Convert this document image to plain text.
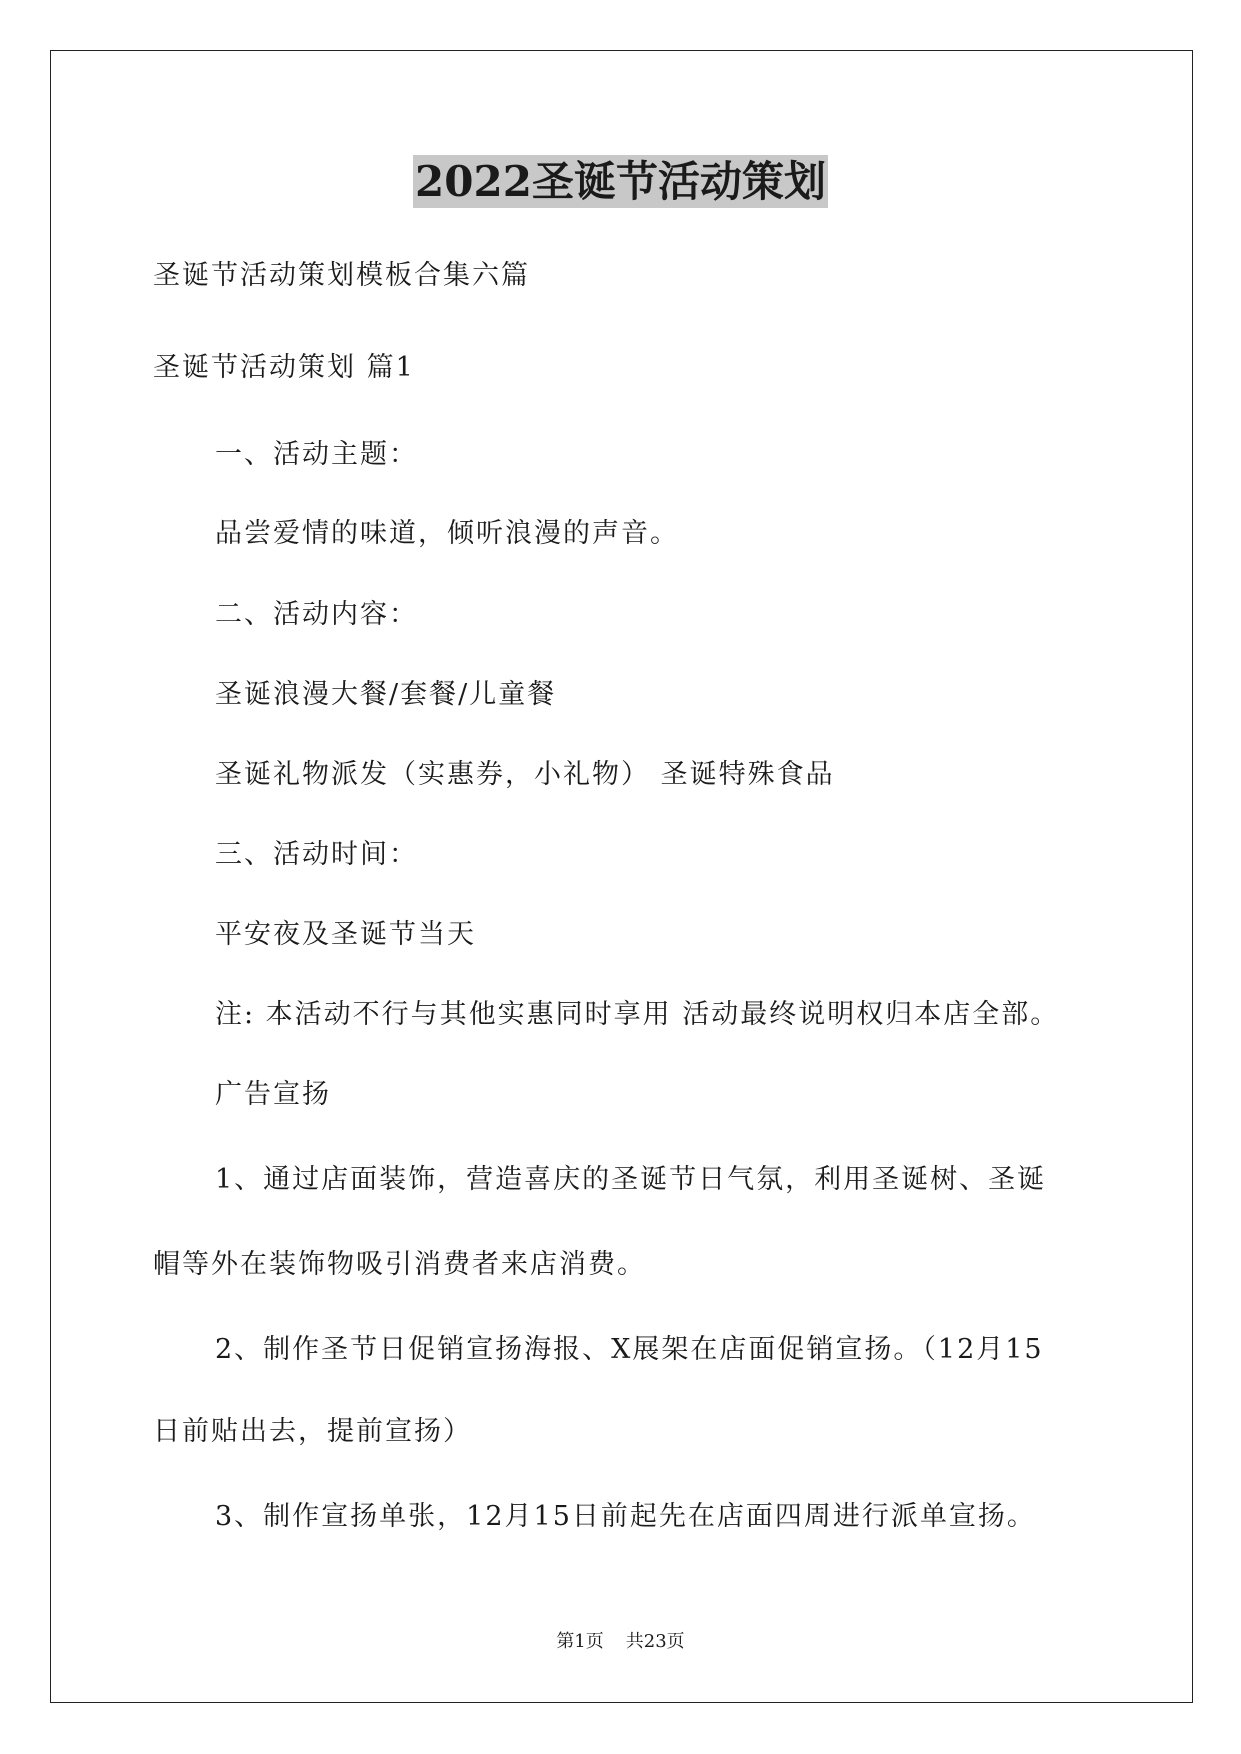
2022圣诞节活动策划

圣诞节活动策划模板合集六篇

圣诞节活动策划 篇1

一、活动主题：

品尝爱情的味道，倾听浪漫的声音。

二、活动内容：

圣诞浪漫大餐/套餐/儿童餐

圣诞礼物派发（实惠券，小礼物） 圣诞特殊食品

三、活动时间：

平安夜及圣诞节当天

注: 本活动不行与其他实惠同时享用 活动最终说明权归本店全部。

广告宣扬

1、通过店面装饰，营造喜庆的圣诞节日气氛，利用圣诞树、圣诞

帽等外在装饰物吸引消费者来店消费。

2、制作圣节日促销宣扬海报、X展架在店面促销宣扬。（12月15

日前贴出去，提前宣扬）

3、制作宣扬单张，12月15日前起先在店面四周进行派单宣扬。

第1页 共23页
